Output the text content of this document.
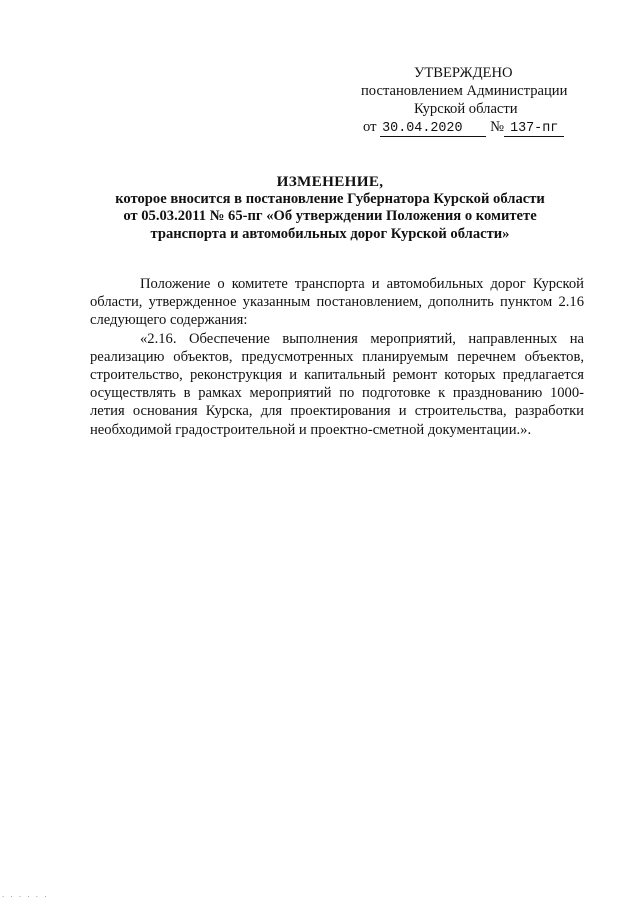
УТВЕРЖДЕНО
постановлением Администрации
Курской области
от 30.04.2020 № 137-пг
ИЗМЕНЕНИЕ,
которое вносится в постановление Губернатора Курской области
от 05.03.2011 № 65-пг «Об утверждении Положения о комитете
транспорта и автомобильных дорог Курской области»

Положение о комитете транспорта и автомобильных дорог Курской области, утвержденное указанным постановлением, дополнить пунктом 2.16 следующего содержания:

«2.16. Обеспечение выполнения мероприятий, направленных на реализацию объектов, предусмотренных планируемым перечнем объектов, строительство, реконструкция и капитальный ремонт которых предлагается осуществлять в рамках мероприятий по подготовке к празднованию 1000-летия основания Курска, для проектирования и строительства, разработки необходимой градостроительной и проектно-сметной документации.».

· · · · · ·
